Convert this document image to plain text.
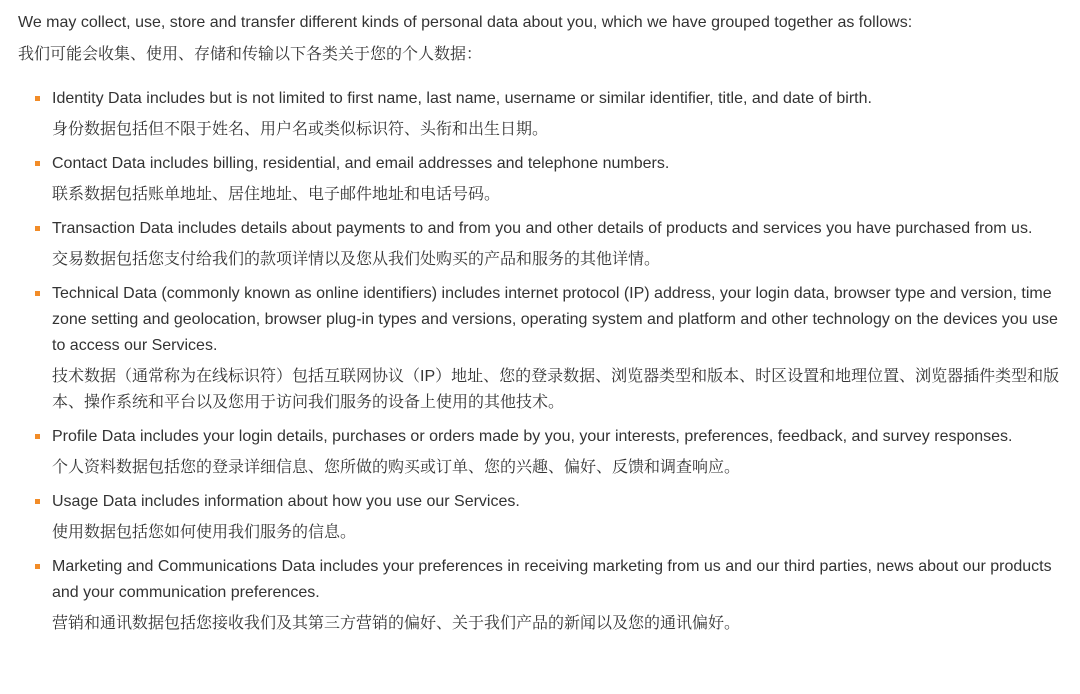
We may collect, use, store and transfer different kinds of personal data about you, which we have grouped together as follows:

我们可能会收集、使用、存储和传输以下各类关于您的个人数据：

Identity Data includes but is not limited to first name, last name, username or similar identifier, title, and date of birth.

身份数据包括但不限于姓名、用户名或类似标识符、头衔和出生日期。

Contact Data includes billing, residential, and email addresses and telephone numbers.

联系数据包括账单地址、居住地址、电子邮件地址和电话号码。

Transaction Data includes details about payments to and from you and other details of products and services you have purchased from us.

交易数据包括您支付给我们的款项详情以及您从我们处购买的产品和服务的其他详情。

Technical Data (commonly known as online identifiers) includes internet protocol (IP) address, your login data, browser type and version, time zone setting and geolocation, browser plug-in types and versions, operating system and platform and other technology on the devices you use to access our Services.

技术数据（通常称为在线标识符）包括互联网协议（IP）地址、您的登录数据、浏览器类型和版本、时区设置和地理位置、浏览器插件类型和版本、操作系统和平台以及您用于访问我们服务的设备上使用的其他技术。

Profile Data includes your login details, purchases or orders made by you, your interests, preferences, feedback, and survey responses.

个人资料数据包括您的登录详细信息、您所做的购买或订单、您的兴趣、偏好、反馈和调查响应。

Usage Data includes information about how you use our Services.

使用数据包括您如何使用我们服务的信息。

Marketing and Communications Data includes your preferences in receiving marketing from us and our third parties, news about our products and your communication preferences.

营销和通讯数据包括您接收我们及其第三方营销的偏好、关于我们产品的新闻以及您的通讯偏好。
